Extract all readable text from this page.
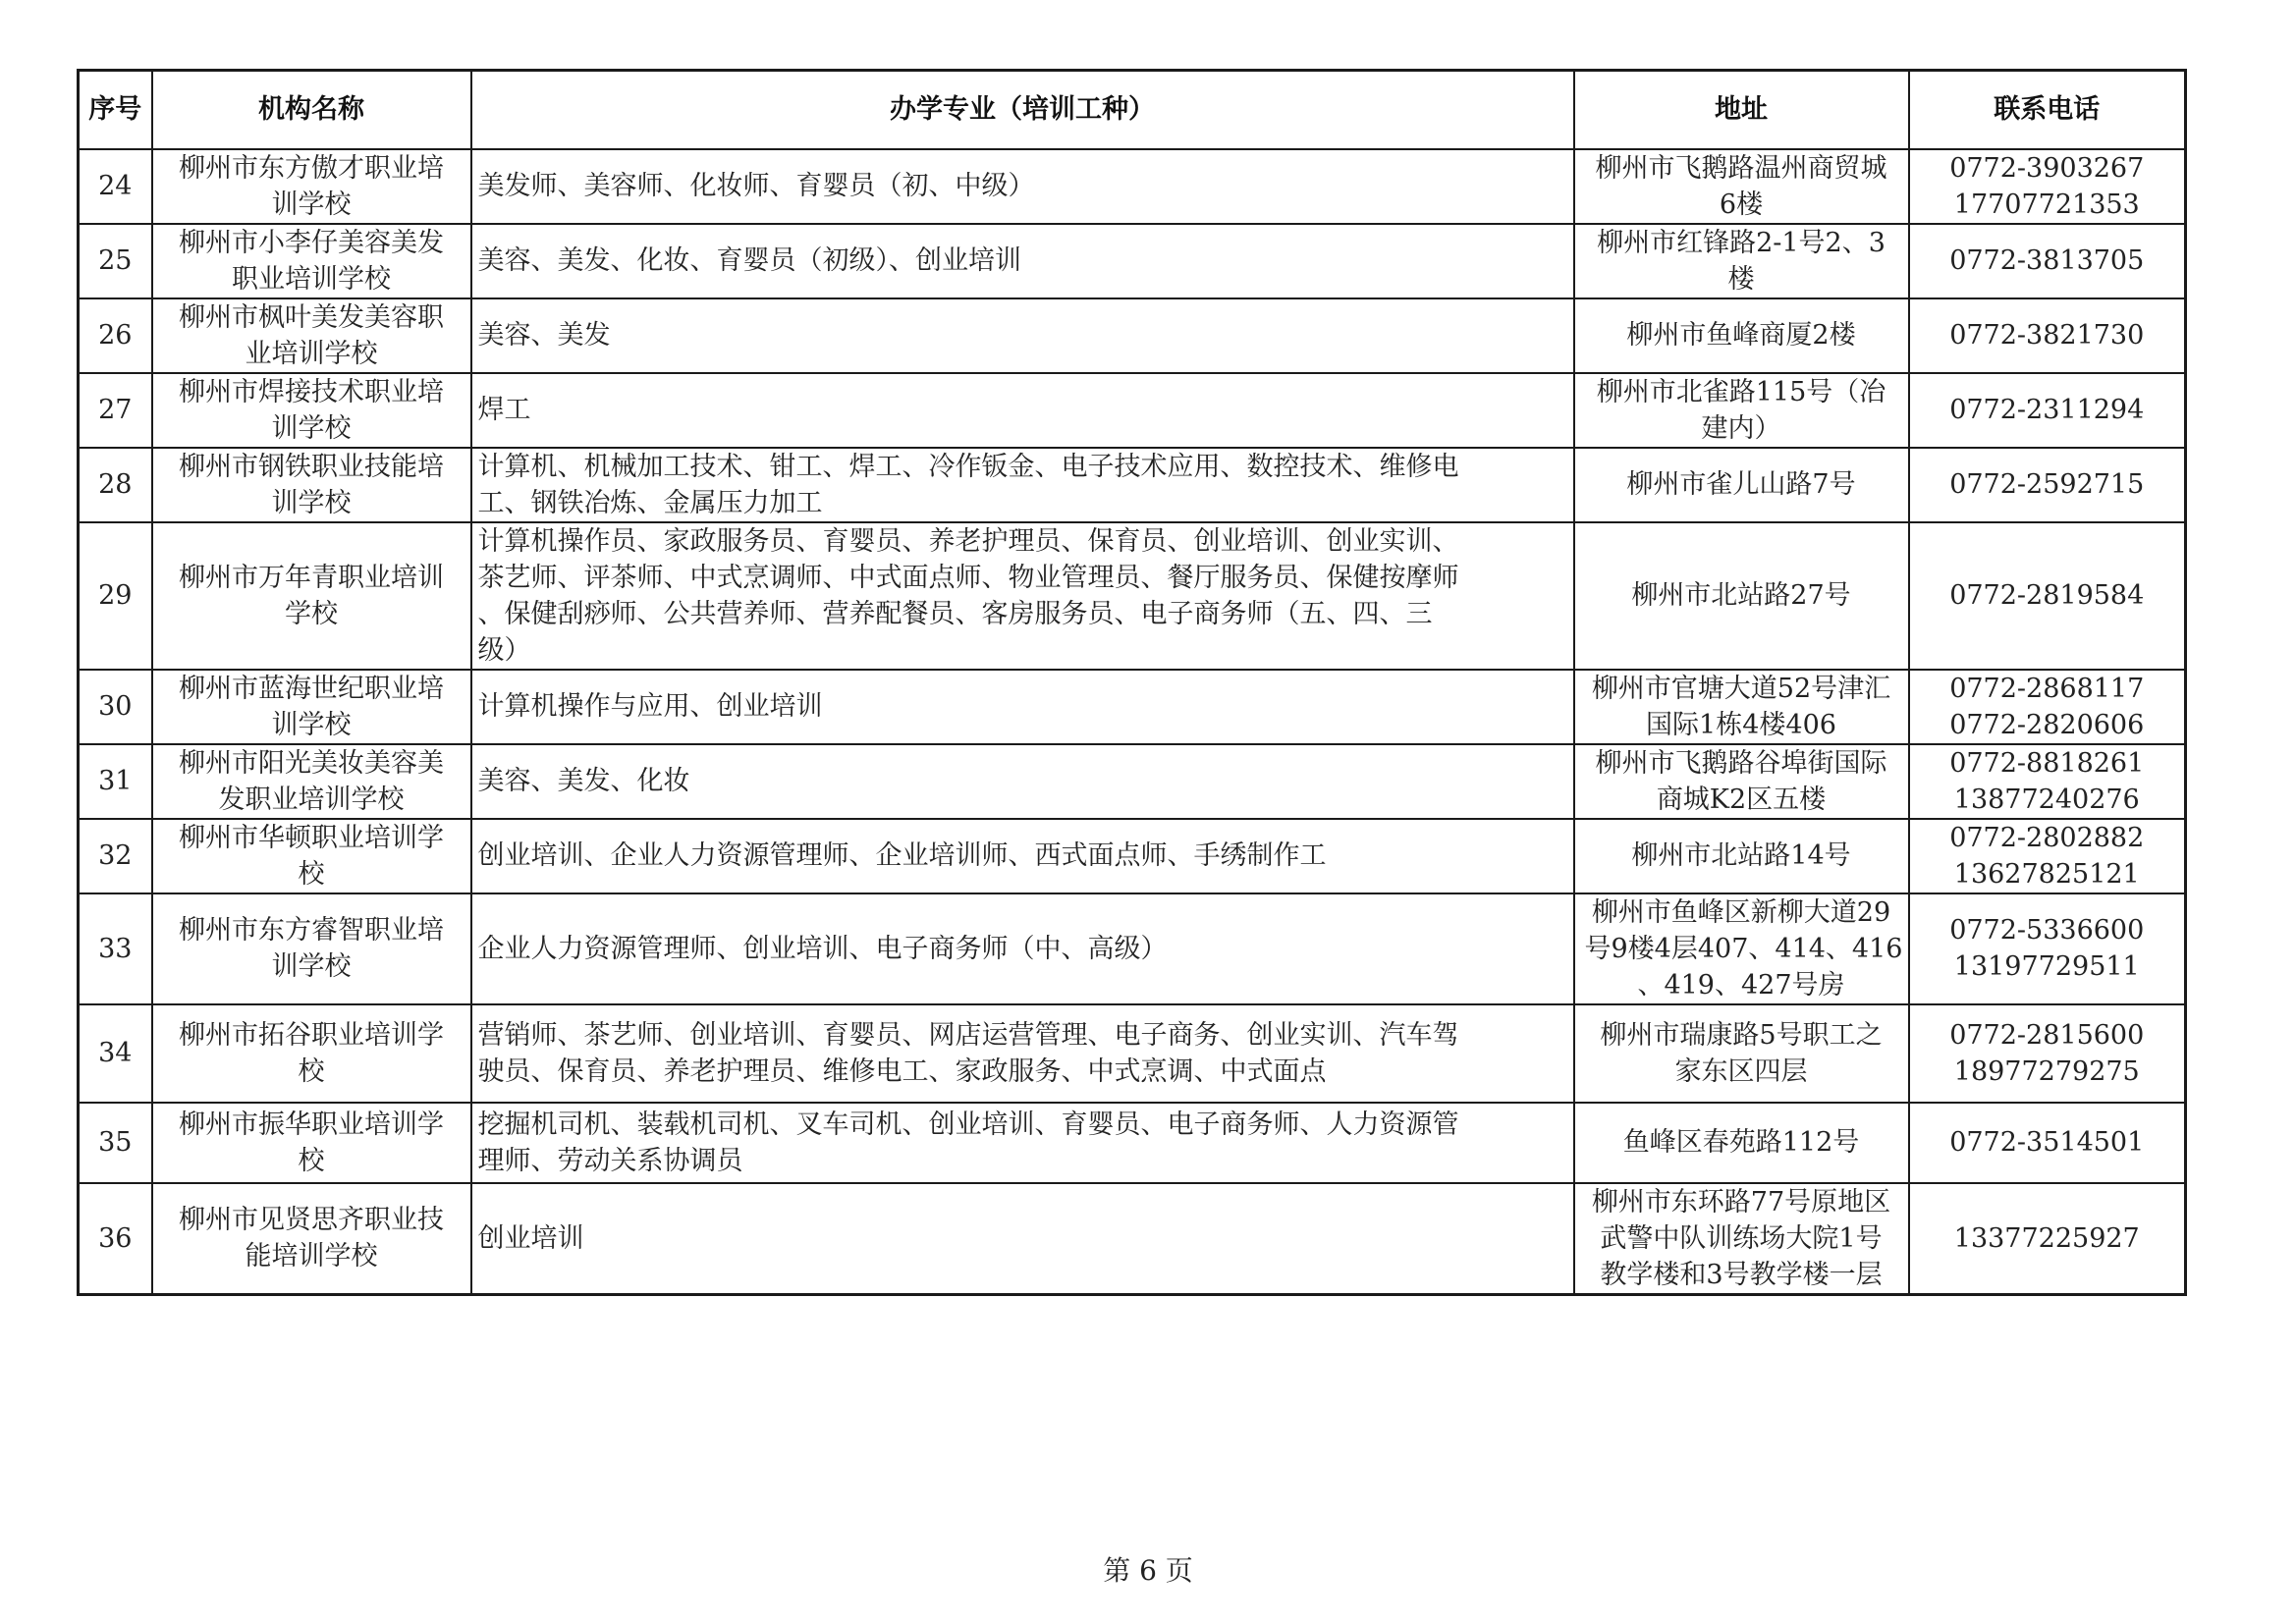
序号	机构名称	办学专业（培训工种）	地址	联系电话
24	柳州市东方傲才职业培
训学校	美发师、美容师、化妆师、育婴员（初、中级）	柳州市飞鹅路温州商贸城
6楼	0772-3903267
17707721353

25	柳州市小李仔美容美发
职业培训学校	美容、美发、化妆、育婴员（初级）、创业培训	柳州市红锋路2-1号2、3
楼	0772-3813705

26	柳州市枫叶美发美容职
业培训学校	美容、美发	柳州市鱼峰商厦2楼	0772-3821730

27	柳州市焊接技术职业培
训学校	焊工	柳州市北雀路115号（冶
建内）	0772-2311294

28	柳州市钢铁职业技能培
训学校	计算机、机械加工技术、钳工、焊工、冷作钣金、电子技术应用、数控技术、维修电
工、钢铁冶炼、金属压力加工	柳州市雀儿山路7号	0772-2592715

29	柳州市万年青职业培训
学校	计算机操作员、家政服务员、育婴员、养老护理员、保育员、创业培训、创业实训、
茶艺师、评茶师、中式烹调师、中式面点师、物业管理员、餐厅服务员、保健按摩师
、保健刮痧师、公共营养师、营养配餐员、客房服务员、电子商务师（五、四、三
级）	柳州市北站路27号	0772-2819584

30	柳州市蓝海世纪职业培
训学校	计算机操作与应用、创业培训	柳州市官塘大道52号津汇
国际1栋4楼406	0772-2868117
0772-2820606

31	柳州市阳光美妆美容美
发职业培训学校	美容、美发、化妆	柳州市飞鹅路谷埠街国际
商城K2区五楼	0772-8818261
13877240276

32	柳州市华顿职业培训学
校	创业培训、企业人力资源管理师、企业培训师、西式面点师、手绣制作工	柳州市北站路14号	0772-2802882
13627825121

33	柳州市东方睿智职业培
训学校	企业人力资源管理师、创业培训、电子商务师（中、高级）	柳州市鱼峰区新柳大道29
号9楼4层407、414、416
、419、427号房	0772-5336600
13197729511

34	柳州市拓谷职业培训学
校	营销师、茶艺师、创业培训、育婴员、网店运营管理、电子商务、创业实训、汽车驾
驶员、保育员、养老护理员、维修电工、家政服务、中式烹调、中式面点	柳州市瑞康路5号职工之
家东区四层	0772-2815600
18977279275

35	柳州市振华职业培训学
校	挖掘机司机、装载机司机、叉车司机、创业培训、育婴员、电子商务师、人力资源管
理师、劳动关系协调员	鱼峰区春苑路112号	0772-3514501

36	柳州市见贤思齐职业技
能培训学校	创业培训	柳州市东环路77号原地区
武警中队训练场大院1号
教学楼和3号教学楼一层	13377225927
第 6 页
